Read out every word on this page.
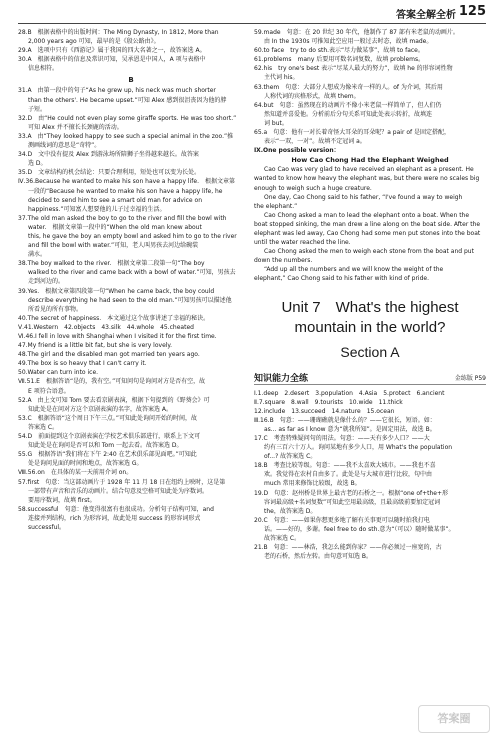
答案全解全析 125
28.B　根据表格中的出版时间：The Ming Dynasty, In 1812, More than
2,000 years ago 可知，最早的是《殷公路由》。
29.A　选项中只有《西游记》属于我国的四大名著之一，故答案选 A。
30.A　根据表格中的信息及常识可知，吴承恩是中国人，A 项与表格中
信息相符。
B
31.A　由第一段中的句子“As he grew up, his neck was much shorter
than the others'. He became upset.”可知 Alex 感到很沮丧因为他的脖
子短。
32.D　由“He could not even play some giraffe sports. He was too short.”
可知 Alex 并不擅长长颈鹿的活动。
33.A　由“They looked happy to see such a special animal in the zoo.”推
测画线词的意思是“奇特”。
34.D　文中没有提及 Alex 到游泳场所陪狮子坐得越来越长。故答案
选 D。
35.D　文章结构的机会结论：只要合理利用，短处也可以变为长处。
Ⅳ.36.Because he wanted to make his son have a happy life.　根据文章第
一段的“Because he wanted to make his son have a happy life, he
decided to send him to see a smart old man for advice on
happiness.”可知富人想要他的儿子过幸福的生活。
37.The old man asked the boy to go to the river and fill the bowl with
water.　根据文章第一段中的“When the old man knew about
this, he gave the boy an empty bowl and asked him to go to the river
and fill the bowl with water.”可知，老人叫男孩去河边给碗装
满水。
38.The boy walked to the river.　根据文章第二段第一句“The boy
walked to the river and came back with a bowl of water.”可知，男孩去
走到河边的。
39.Yes.　根据文章第四段第一句“When he came back, the boy could
describe everything he had seen to the old man.”可知男孩可以描述他
所看见的所有事物。
40.The secret of happiness.　本文通过这个故事讲述了幸福的秘诀。
Ⅴ.41.Western　42.objects　43.silk　44.whole　45.cheated
Ⅵ.46.I fell in love with Shanghai when I visited it for the first time.
47.My friend is a little bit fat, but she is very lovely.
48.The girl and the disabled man got married ten years ago.
49.The box is so heavy that I can't carry it.
50.Water can turn into ice.
Ⅶ.51.E　根据答语“是的，我有空。”可知问句是询问对方是否有空，故
E 项符合语意。
52.A　由上文可知 Tom 要去看京剧表演，根据下句提到的《野葵会》可
知此处是在问对方这个京剧表演的名字，故答案选 A。
53.C　根据答语“这个周日下午三点。”可知此处询问开始的时间，故
答案选 C。
54.D　前面提到这个京剧表演在学校艺术俱乐部进行，联系上下文可
知此处是在询问是否可以和 Tom 一起去看。故答案选 D。
55.G　根据答语“我们将在下午 2:40 在艺术俱乐部见面吧。”可知此
处是询问见面的时间和地点，故答案选 G。
Ⅷ.56.on　在具体的某一天前用介词 on。
57.first　句意：当这部动画片于 1928 年 11 月 18 日在纽约上映时，这是第
一部带有声音和音乐的动画片。结合句意及空格可知此处为序数词。
要用序数词，故填 first。
58.successful　句意：他变得很富有也很成功。分析句子结构可知，and
连接并列结构，rich 为形容词，故此处用 success 的形容词形式
successful。
59.made　句意：在 20 世纪 30 年代，他制作了 87 部有米老鼠的动画片。
由 In the 1930s 可推知此空应用一般过去时态，故填 made。
60.to face　try to do sth.表示“尽力做某事”，故填 to face。
61.problems　many 后要用可数名词复数，故填 problems。
62.his　try one's best 表示“尽某人最大的努力”，故填 he 的形容词性物
主代词 his。
63.them　句意：大部分人想成为像米奇一样的人。of 为介词，其后用
人称代词的宾格形式，故填 them。
64.but　句意：虽然现在的动画片不像小米老鼠一样简单了，但人们仍
然知道并喜爱他。分析前后分句关系可知此处表示转折，故填连
词 but。
65.a　句意：他有一对长着奇怪大耳朵的耳朵呢？a pair of 是固定搭配，
表示“一双，一对”。故填不定冠词 a。
Ⅸ.One possible version：
How Cao Chong Had the Elephant Weighed
Cao Cao was very glad to have received an elephant as a present. He
wanted to know how heavy the elephant was, but there were no scales big
enough to weigh such a huge creature.
One day, Cao Chong said to his father, “I've found a way to weigh
the elephant.”
Cao Chong asked a man to lead the elephant onto a boat. When the
boat stopped sinking, the man drew a line along on the boat side. After the
elephant was led away, Cao Chong had some men put stones into the boat
until the water reached the line.
Cao Chong asked the men to weigh each stone from the boat and put
down the numbers.
“Add up all the numbers and we will know the weight of the
elephant,” Cao Chong said to his father with kind of pride.
Unit 7　What's the highest
mountain in the world?
Section A
知识能力全练	金练版 P59
Ⅰ.1.deep　2.desert　3.population　4.Asia　5.protect　6.ancient
Ⅱ.7.square　8.wall　9.tourists　10.wide　11.thick
12.include　13.succeed　14.nature　15.ocean
Ⅲ.16.B　句意：——珊瑚礁就是像什么的？——它很长，短语。如：
as... as far as I know 意为“就我所知”。是固定用法，故选 B。
17.C　考查特殊疑问句的用法。句意：——天有多少人口？——大
约有三百六十万人。询问某地有多少人口，用 What's the population
of...? 故答案选 C。
18.B　考查比较等级。句意：——我不太喜欢大城市。——我也不喜
欢。我觉得在农村自由多了。此处是与大城市进行比较，句中由
much 常用来修饰比较级，故选 B。
19.D　句意：赵州桥是世界上最古老的石桥之一。根据“one of+the+形
容词最高级+名词复数”可知此空用最高级，且最高级前要加定冠词
the，故答案选 D。
20.C　句意：——如果你想更多地了解有关事更可以随时拍我打电
话。——好的，多谢。feel free to do sth.意为“（可以）随时做某事”。
故答案选 C。
21.B　句意：——林浩，我怎么能到你家？——你必须过一座宽的，古
老的石桥，然后左转。由句意可知选 B。
答案圈
